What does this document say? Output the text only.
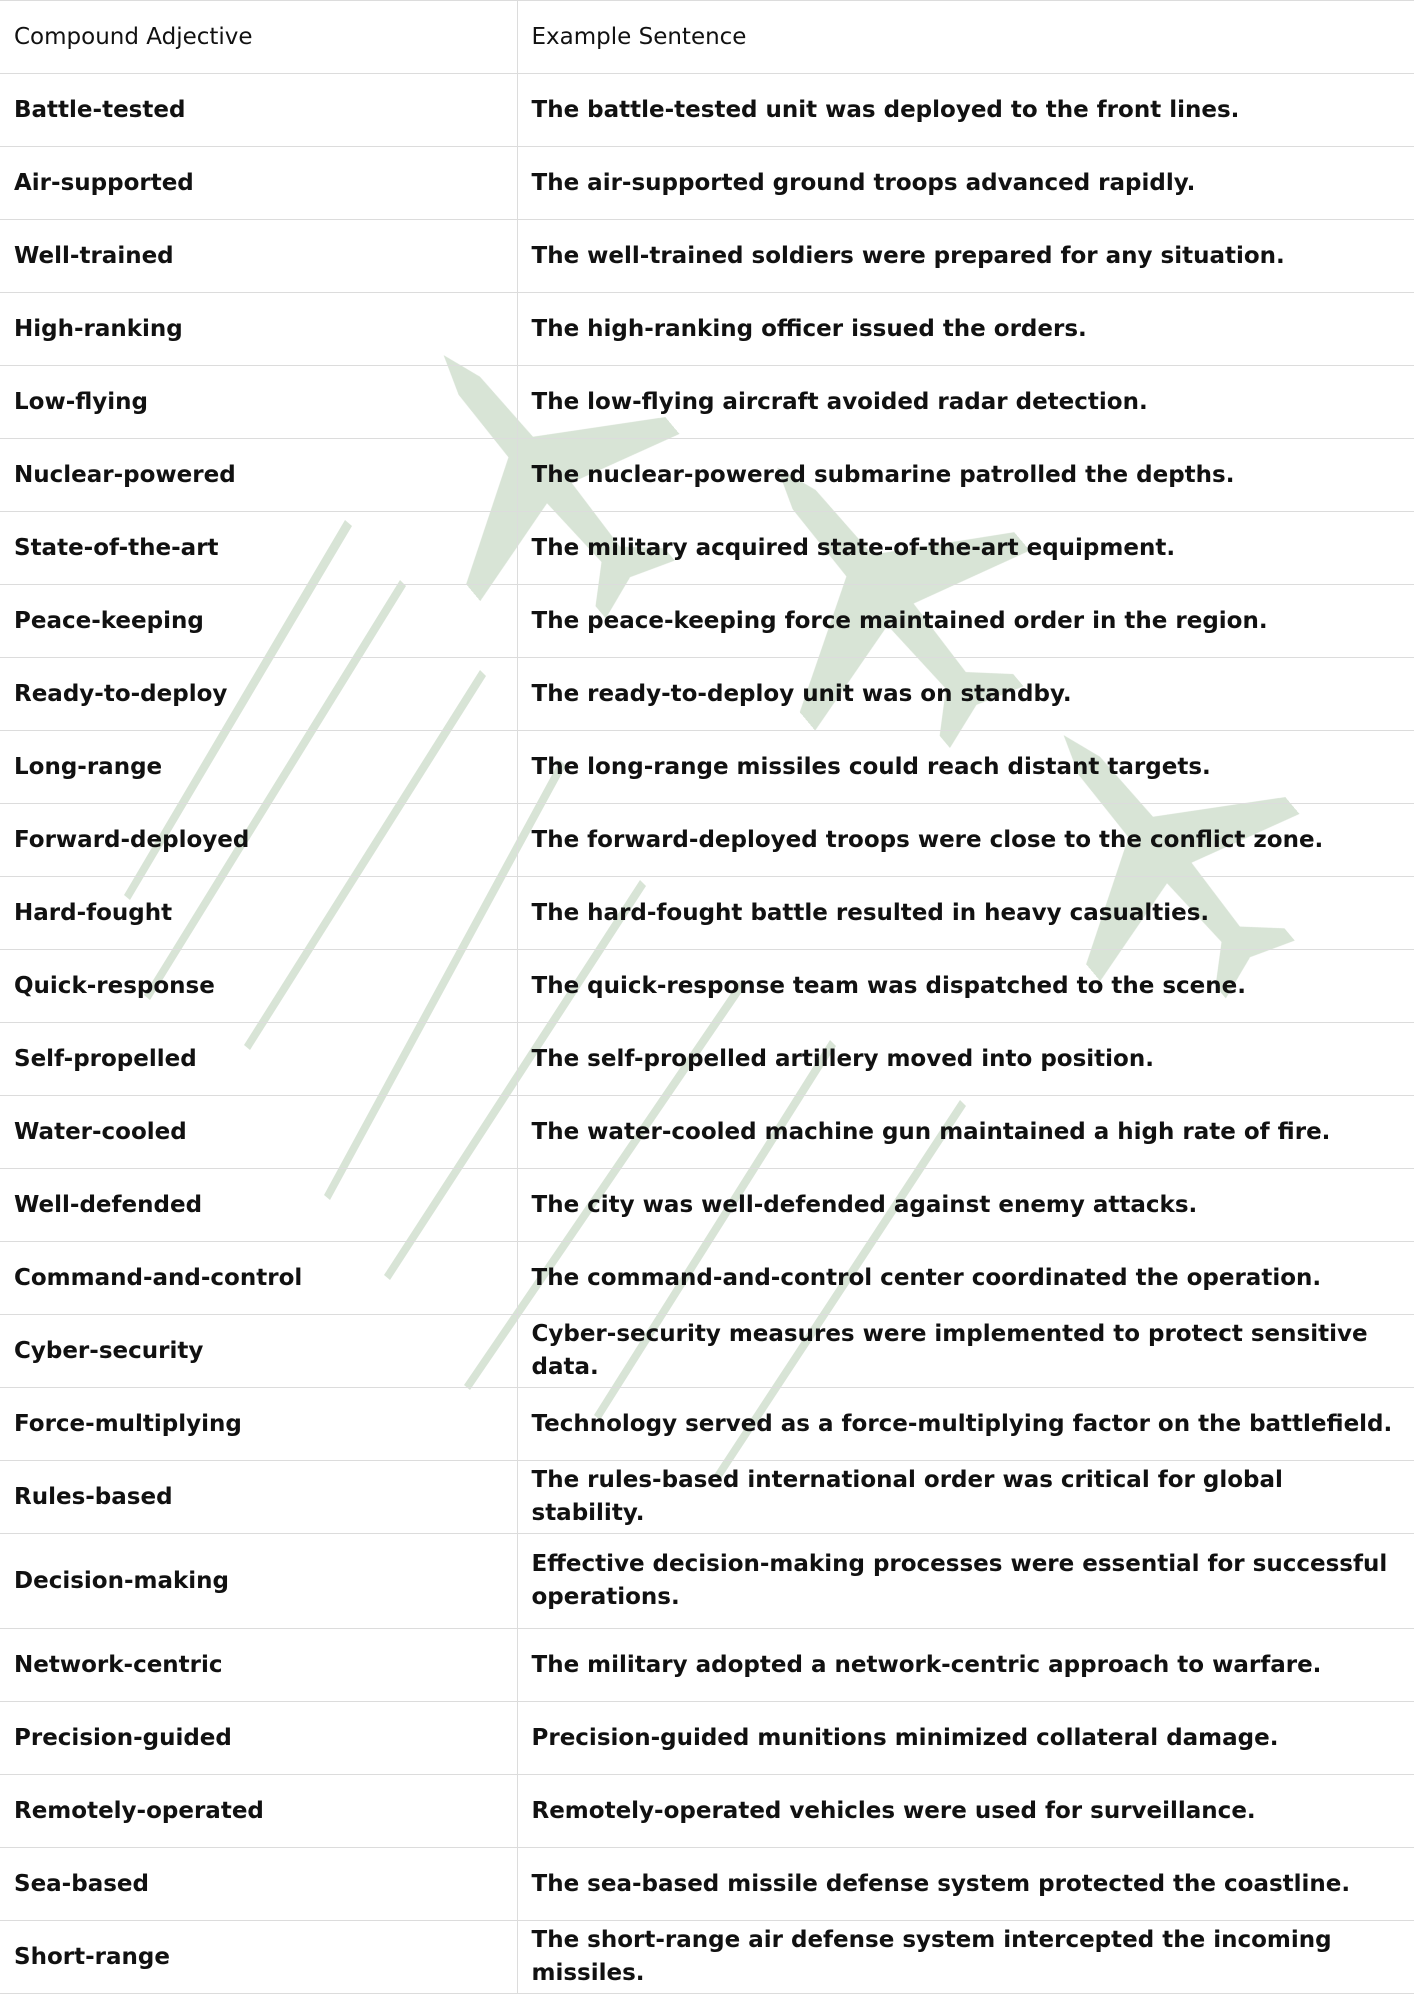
Compound Adjective	Example Sentence
Battle-tested	The battle-tested unit was deployed to the front lines.
Air-supported	The air-supported ground troops advanced rapidly.
Well-trained	The well-trained soldiers were prepared for any situation.
High-ranking	The high-ranking officer issued the orders.
Low-flying	The low-flying aircraft avoided radar detection.
Nuclear-powered	The nuclear-powered submarine patrolled the depths.
State-of-the-art	The military acquired state-of-the-art equipment.
Peace-keeping	The peace-keeping force maintained order in the region.
Ready-to-deploy	The ready-to-deploy unit was on standby.
Long-range	The long-range missiles could reach distant targets.
Forward-deployed	The forward-deployed troops were close to the conflict zone.
Hard-fought	The hard-fought battle resulted in heavy casualties.
Quick-response	The quick-response team was dispatched to the scene.
Self-propelled	The self-propelled artillery moved into position.
Water-cooled	The water-cooled machine gun maintained a high rate of fire.
Well-defended	The city was well-defended against enemy attacks.
Command-and-control	The command-and-control center coordinated the operation.
Cyber-security	Cyber-security measures were implemented to protect sensitive data.
Force-multiplying	Technology served as a force-multiplying factor on the battlefield.
Rules-based	The rules-based international order was critical for global stability.
Decision-making	Effective decision-making processes were essential for successful operations.
Network-centric	The military adopted a network-centric approach to warfare.
Precision-guided	Precision-guided munitions minimized collateral damage.
Remotely-operated	Remotely-operated vehicles were used for surveillance.
Sea-based	The sea-based missile defense system protected the coastline.
Short-range	The short-range air defense system intercepted the incoming missiles.
